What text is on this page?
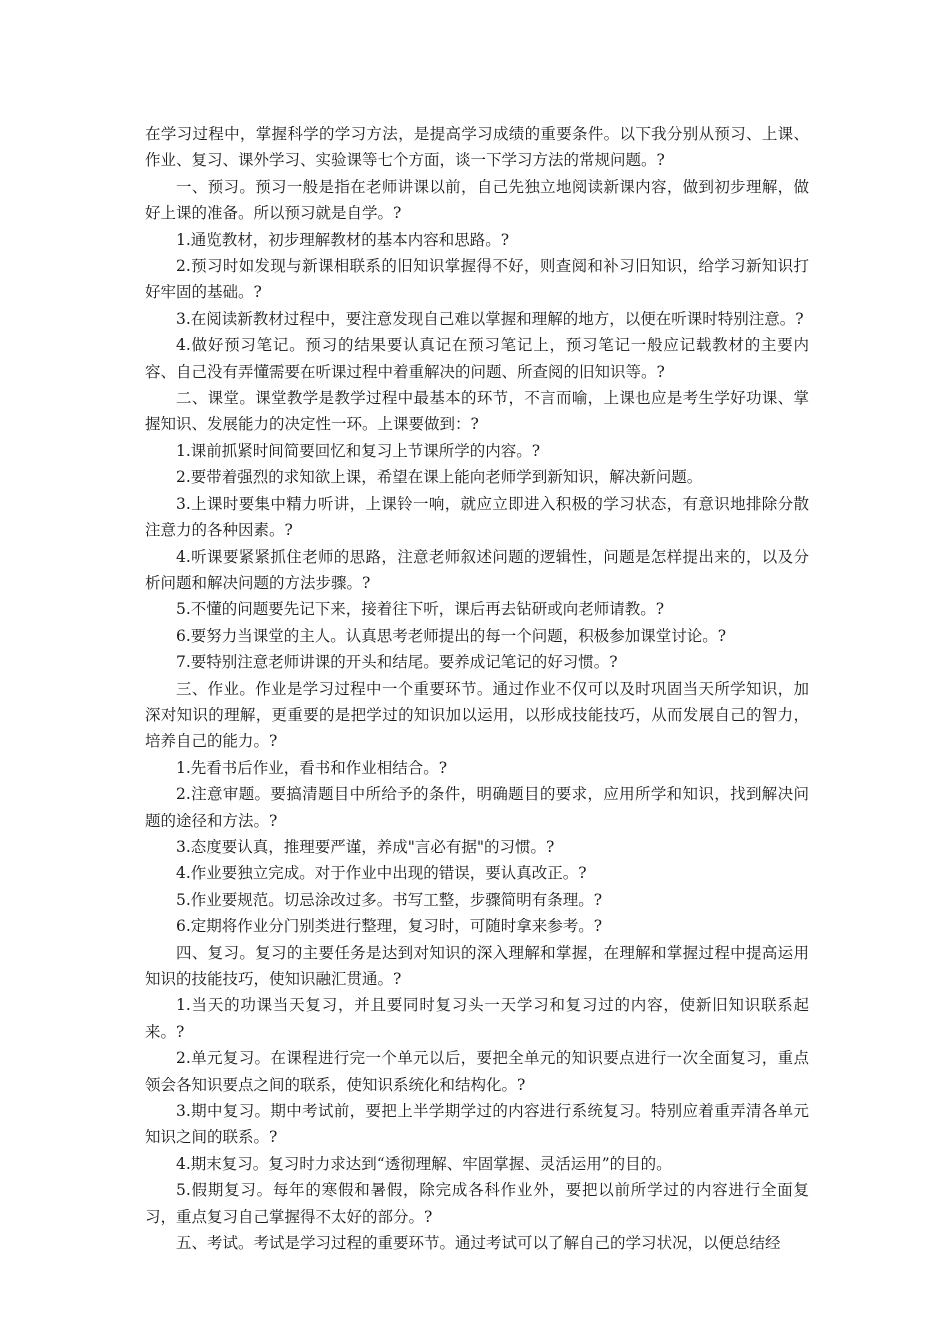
在学习过程中，掌握科学的学习方法，是提高学习成绩的重要条件。以下我分别从预习、上课、作业、复习、课外学习、实验课等七个方面，谈一下学习方法的常规问题。?

一、预习。预习一般是指在老师讲课以前，自己先独立地阅读新课内容，做到初步理解，做好上课的准备。所以预习就是自学。?

1.通览教材，初步理解教材的基本内容和思路。?

2.预习时如发现与新课相联系的旧知识掌握得不好，则查阅和补习旧知识，给学习新知识打好牢固的基础。?

3.在阅读新教材过程中，要注意发现自己难以掌握和理解的地方，以便在听课时特别注意。?

4.做好预习笔记。预习的结果要认真记在预习笔记上，预习笔记一般应记载教材的主要内容、自己没有弄懂需要在听课过程中着重解决的问题、所查阅的旧知识等。?

二、课堂。课堂教学是教学过程中最基本的环节，不言而喻，上课也应是考生学好功课、掌握知识、发展能力的决定性一环。上课要做到：?

1.课前抓紧时间简要回忆和复习上节课所学的内容。?

2.要带着强烈的求知欲上课，希望在课上能向老师学到新知识，解决新问题。

3.上课时要集中精力听讲，上课铃一响，就应立即进入积极的学习状态，有意识地排除分散注意力的各种因素。?

4.听课要紧紧抓住老师的思路，注意老师叙述问题的逻辑性，问题是怎样提出来的，以及分析问题和解决问题的方法步骤。?

5.不懂的问题要先记下来，接着往下听，课后再去钻研或向老师请教。?

6.要努力当课堂的主人。认真思考老师提出的每一个问题，积极参加课堂讨论。?

7.要特别注意老师讲课的开头和结尾。要养成记笔记的好习惯。?

三、作业。作业是学习过程中一个重要环节。通过作业不仅可以及时巩固当天所学知识，加深对知识的理解，更重要的是把学过的知识加以运用，以形成技能技巧，从而发展自己的智力，培养自己的能力。?

1.先看书后作业，看书和作业相结合。?

2.注意审题。要搞清题目中所给予的条件，明确题目的要求，应用所学和知识，找到解决问题的途径和方法。?

3.态度要认真，推理要严谨，养成"言必有据"的习惯。?

4.作业要独立完成。对于作业中出现的错误，要认真改正。?

5.作业要规范。切忌涂改过多。书写工整，步骤简明有条理。?

6.定期将作业分门别类进行整理，复习时，可随时拿来参考。?

四、复习。复习的主要任务是达到对知识的深入理解和掌握，在理解和掌握过程中提高运用知识的技能技巧，使知识融汇贯通。?

1.当天的功课当天复习，并且要同时复习头一天学习和复习过的内容，使新旧知识联系起来。?

2.单元复习。在课程进行完一个单元以后，要把全单元的知识要点进行一次全面复习，重点领会各知识要点之间的联系，使知识系统化和结构化。?

3.期中复习。期中考试前，要把上半学期学过的内容进行系统复习。特别应着重弄清各单元知识之间的联系。?

4.期末复习。复习时力求达到“透彻理解、牢固掌握、灵活运用”的目的。

5.假期复习。每年的寒假和暑假，除完成各科作业外，要把以前所学过的内容进行全面复习，重点复习自己掌握得不太好的部分。?

五、考试。考试是学习过程的重要环节。通过考试可以了解自己的学习状况，以便总结经
